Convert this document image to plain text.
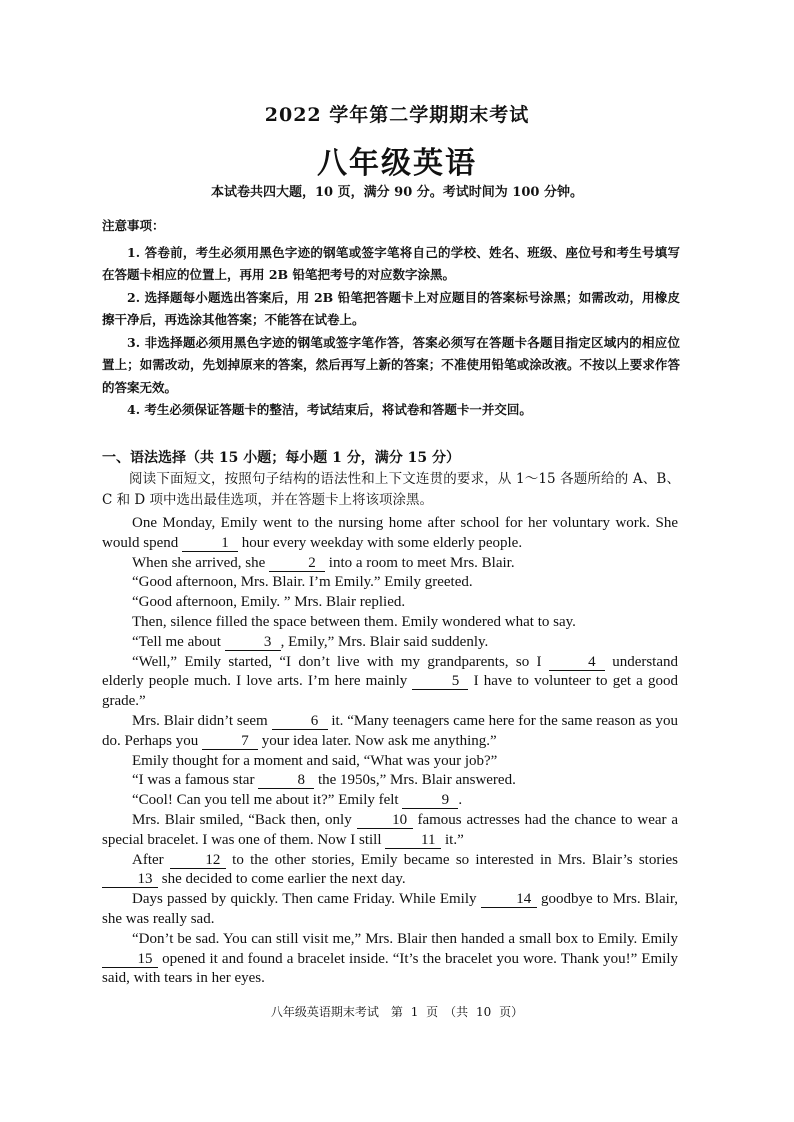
2022 学年第二学期期末考试
八年级英语
本试卷共四大题，10 页，满分 90 分。考试时间为 100 分钟。
注意事项：

1. 答卷前，考生必须用黑色字迹的钢笔或签字笔将自己的学校、姓名、班级、座位号和考生号填写在答题卡相应的位置上，再用 2B 铅笔把考号的对应数字涂黑。

2. 选择题每小题选出答案后，用 2B 铅笔把答题卡上对应题目的答案标号涂黑；如需改动，用橡皮擦干净后，再选涂其他答案；不能答在试卷上。

3. 非选择题必须用黑色字迹的钢笔或签字笔作答，答案必须写在答题卡各题目指定区域内的相应位置上；如需改动，先划掉原来的答案，然后再写上新的答案；不准使用铅笔或涂改液。不按以上要求作答的答案无效。

4. 考生必须保证答题卡的整洁，考试结束后，将试卷和答题卡一并交回。

一、语法选择（共 15 小题；每小题 1 分，满分 15 分）

阅读下面短文，按照句子结构的语法性和上下文连贯的要求，从 1～15 各题所给的 A、B、C 和 D 项中选出最佳选项，并在答题卡上将该项涂黑。

One Monday, Emily went to the nursing home after school for her voluntary work. She would spend	1 hour every weekday with some elderly people.

When she arrived, she	2 into a room to meet Mrs. Blair.

“Good afternoon, Mrs. Blair. I’m Emily.” Emily greeted.

“Good afternoon, Emily. ” Mrs. Blair replied.

Then, silence filled the space between them. Emily wondered what to say.

“Tell me about	3 , Emily,” Mrs. Blair said suddenly.

“Well,” Emily started, “I don’t live with my grandparents, so I	4 understand elderly people much. I love arts. I’m here mainly	5 I have to volunteer to get a good grade.”

Mrs. Blair didn’t seem	6 it. “Many teenagers came here for the same reason as you do. Perhaps you	7 your idea later. Now ask me anything.”

Emily thought for a moment and said, “What was your job?”

“I was a famous star	8 the 1950s,” Mrs. Blair answered.

“Cool! Can you tell me about it?” Emily felt	9 .

Mrs. Blair smiled, “Back then, only	10 famous actresses had the chance to wear a special bracelet. I was one of them. Now I still	11 it.”

After	12 to the other stories, Emily became so interested in Mrs. Blair’s stories 13 she decided to come earlier the next day.

Days passed by quickly. Then came Friday. While Emily	14 goodbye to Mrs. Blair, she was really sad.

“Don’t be sad. You can still visit me,” Mrs. Blair then handed a small box to Emily. Emily 15 opened it and found a bracelet inside. “It’s the bracelet you wore. Thank you!” Emily said, with tears in her eyes.

八年级英语期末考试　第 1 页　（共 10 页）
